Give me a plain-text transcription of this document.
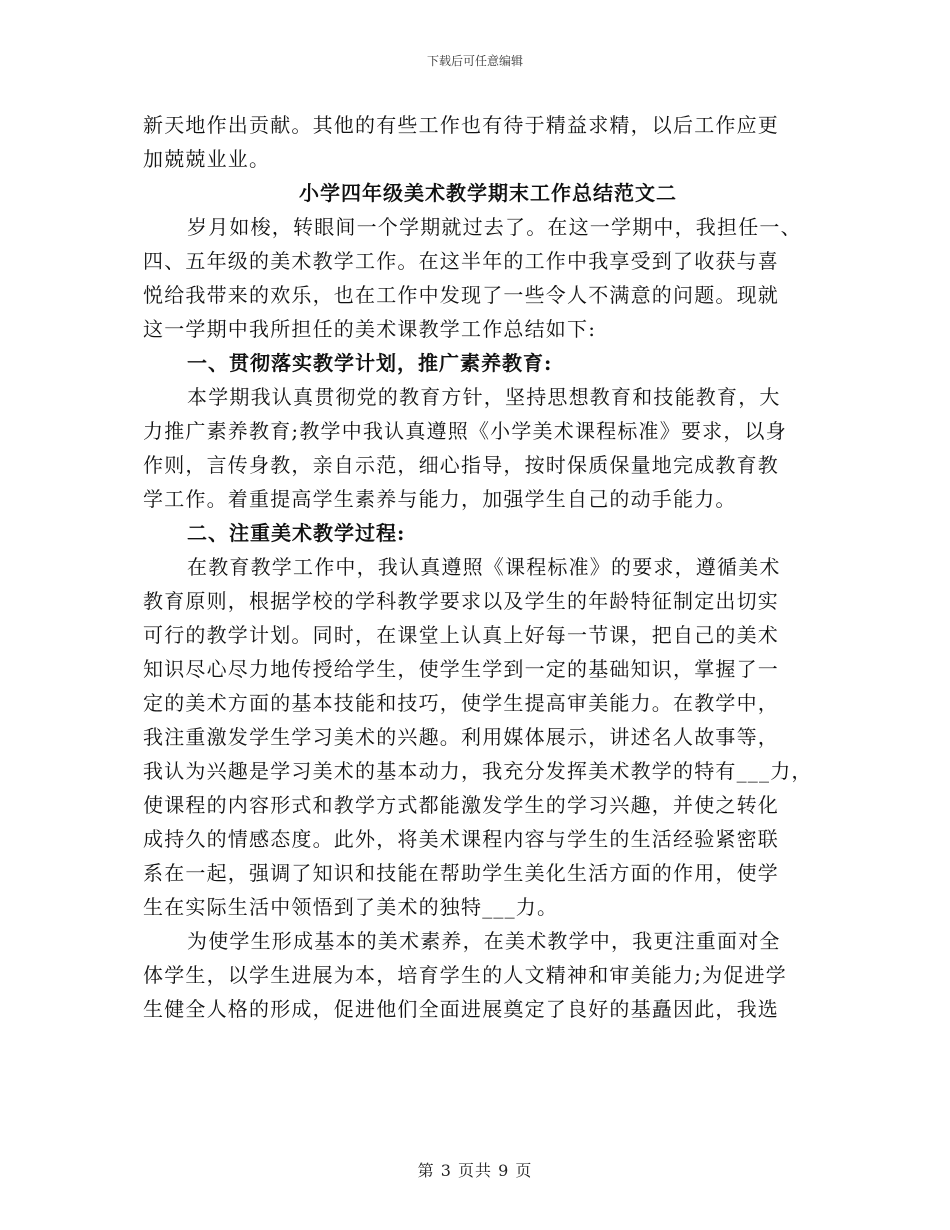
下载后可任意编辑
新天地作出贡献。其他的有些工作也有待于精益求精，以后工作应更
加兢兢业业。
小学四年级美术教学期末工作总结范文二
岁月如梭，转眼间一个学期就过去了。在这一学期中，我担任一、
四、五年级的美术教学工作。在这半年的工作中我享受到了收获与喜
悦给我带来的欢乐，也在工作中发现了一些令人不满意的问题。现就
这一学期中我所担任的美术课教学工作总结如下:
一、贯彻落实教学计划，推广素养教育:
本学期我认真贯彻党的教育方针，坚持思想教育和技能教育，大
力推广素养教育;教学中我认真遵照《小学美术课程标准》要求，以身
作则，言传身教，亲自示范，细心指导，按时保质保量地完成教育教
学工作。着重提高学生素养与能力，加强学生自己的动手能力。
二、注重美术教学过程:
在教育教学工作中，我认真遵照《课程标准》的要求，遵循美术
教育原则，根据学校的学科教学要求以及学生的年龄特征制定出切实
可行的教学计划。同时，在课堂上认真上好每一节课，把自己的美术
知识尽心尽力地传授给学生，使学生学到一定的基础知识，掌握了一
定的美术方面的基本技能和技巧，使学生提高审美能力。在教学中，
我注重激发学生学习美术的兴趣。利用媒体展示，讲述名人故事等，
我认为兴趣是学习美术的基本动力，我充分发挥美术教学的特有___力，
使课程的内容形式和教学方式都能激发学生的学习兴趣，并使之转化
成持久的情感态度。此外，将美术课程内容与学生的生活经验紧密联
系在一起，强调了知识和技能在帮助学生美化生活方面的作用，使学
生在实际生活中领悟到了美术的独特___力。
为使学生形成基本的美术素养，在美术教学中，我更注重面对全
体学生，以学生进展为本，培育学生的人文精神和审美能力;为促进学
生健全人格的形成，促进他们全面进展奠定了良好的基矗因此，我选
第 3 页共 9 页
